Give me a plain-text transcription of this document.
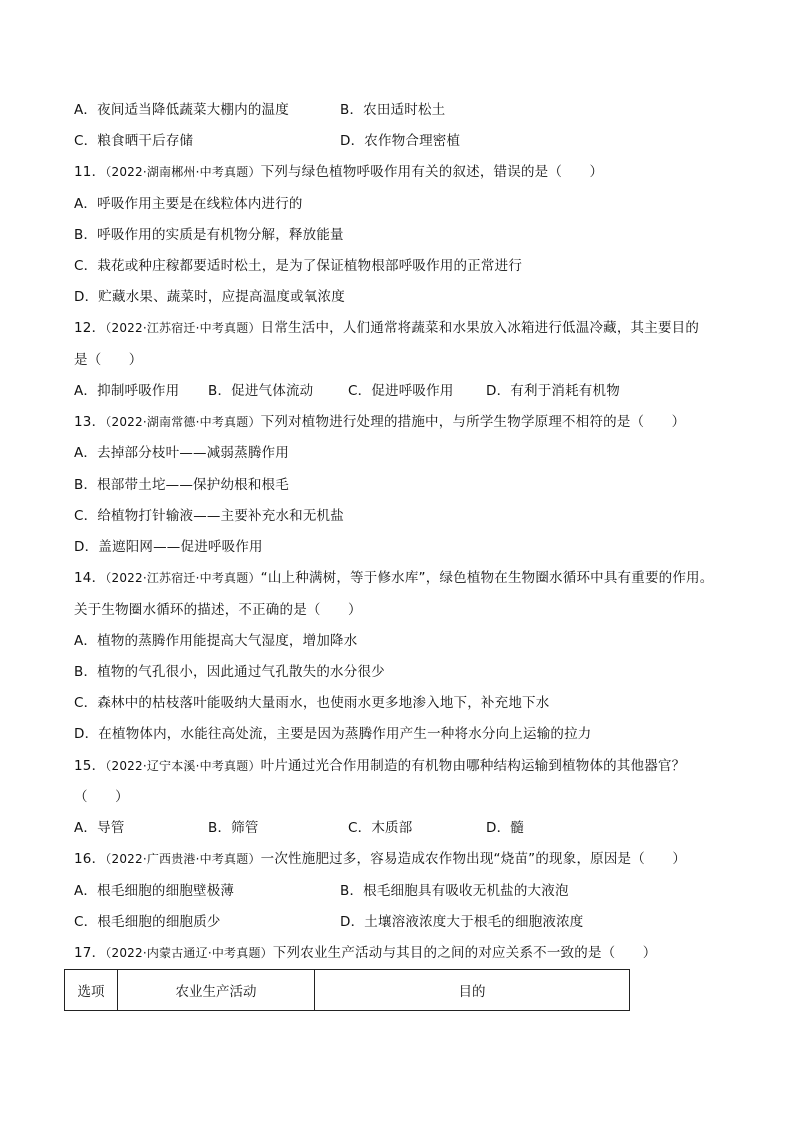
A．夜间适当降低蔬菜大棚内的温度	B．农田适时松土
C．粮食晒干后存储	D．农作物合理密植
11．（2022·湖南郴州·中考真题）下列与绿色植物呼吸作用有关的叙述，错误的是（　　）
A．呼吸作用主要是在线粒体内进行的
B．呼吸作用的实质是有机物分解，释放能量
C．栽花或种庄稼都要适时松土，是为了保证植物根部呼吸作用的正常进行
D．贮藏水果、蔬菜时，应提高温度或氧浓度
12．（2022·江苏宿迁·中考真题）日常生活中，人们通常将蔬菜和水果放入冰箱进行低温冷藏，其主要目的
是（　　）
A．抑制呼吸作用 B．促进气体流动	C．促进呼吸作用 D．有利于消耗有机物
13．（2022·湖南常德·中考真题）下列对植物进行处理的措施中，与所学生物学原理不相符的是（　　）
A．去掉部分枝叶——减弱蒸腾作用
B．根部带土坨——保护幼根和根毛
C．给植物打针输液——主要补充水和无机盐
D．盖遮阳网——促进呼吸作用
14．（2022·江苏宿迁·中考真题）“山上种满树，等于修水库”，绿色植物在生物圈水循环中具有重要的作用。
关于生物圈水循环的描述，不正确的是（　　）
A．植物的蒸腾作用能提高大气湿度，增加降水
B．植物的气孔很小，因此通过气孔散失的水分很少
C．森林中的枯枝落叶能吸纳大量雨水，也使雨水更多地渗入地下，补充地下水
D．在植物体内，水能往高处流，主要是因为蒸腾作用产生一种将水分向上运输的拉力
15．（2022·辽宁本溪·中考真题）叶片通过光合作用制造的有机物由哪种结构运输到植物体的其他器官？
（　　）
A．导管	B．筛管	C．木质部	D．髓
16．（2022·广西贵港·中考真题）一次性施肥过多，容易造成农作物出现“烧苗”的现象，原因是（　　）
A．根毛细胞的细胞壁极薄	B．根毛细胞具有吸收无机盐的大液泡
C．根毛细胞的细胞质少	D．土壤溶液浓度大于根毛的细胞液浓度
17．（2022·内蒙古通辽·中考真题）下列农业生产活动与其目的之间的对应关系不一致的是（　　）
选项	农业生产活动	目的
